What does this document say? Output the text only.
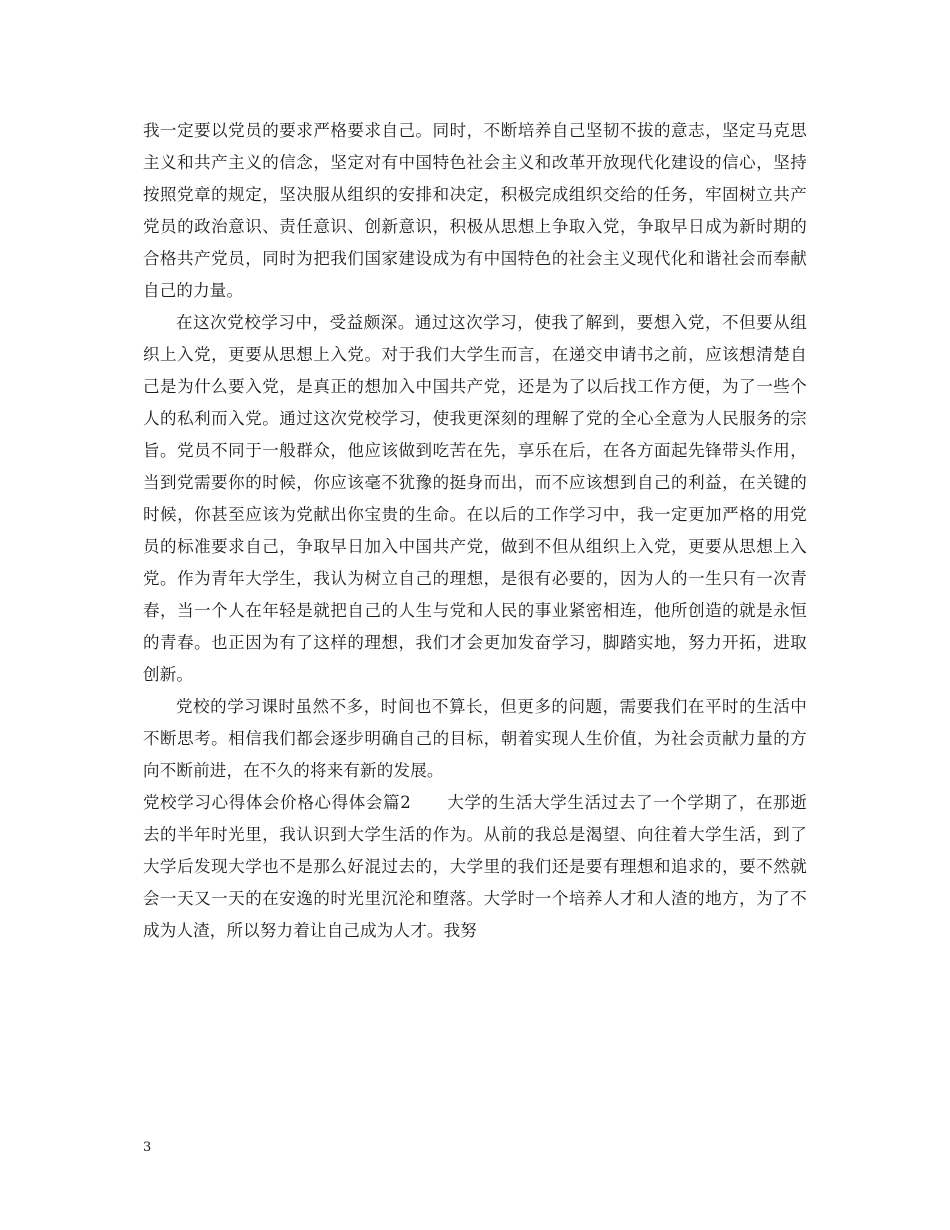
我一定要以党员的要求严格要求自己。同时，不断培养自己坚韧不拔的意志，坚定马克思主义和共产主义的信念，坚定对有中国特色社会主义和改革开放现代化建设的信心，坚持按照党章的规定，坚决服从组织的安排和决定，积极完成组织交给的任务，牢固树立共产党员的政治意识、责任意识、创新意识，积极从思想上争取入党，争取早日成为新时期的合格共产党员，同时为把我们国家建设成为有中国特色的社会主义现代化和谐社会而奉献自己的力量。

在这次党校学习中，受益颇深。通过这次学习，使我了解到，要想入党，不但要从组织上入党，更要从思想上入党。对于我们大学生而言，在递交申请书之前，应该想清楚自己是为什么要入党，是真正的想加入中国共产党，还是为了以后找工作方便，为了一些个人的私利而入党。通过这次党校学习，使我更深刻的理解了党的全心全意为人民服务的宗旨。党员不同于一般群众，他应该做到吃苦在先，享乐在后，在各方面起先锋带头作用，当到党需要你的时候，你应该毫不犹豫的挺身而出，而不应该想到自己的利益，在关键的时候，你甚至应该为党献出你宝贵的生命。在以后的工作学习中，我一定更加严格的用党员的标准要求自己，争取早日加入中国共产党，做到不但从组织上入党，更要从思想上入党。作为青年大学生，我认为树立自己的理想，是很有必要的，因为人的一生只有一次青春，当一个人在年轻是就把自己的人生与党和人民的事业紧密相连，他所创造的就是永恒的青春。也正因为有了这样的理想，我们才会更加发奋学习，脚踏实地，努力开拓，进取创新。

党校的学习课时虽然不多，时间也不算长，但更多的问题，需要我们在平时的生活中不断思考。相信我们都会逐步明确自己的目标，朝着实现人生价值，为社会贡献力量的方向不断前进，在不久的将来有新的发展。

党校学习心得体会价格心得体会篇2 大学的生活大学生活过去了一个学期了，在那逝去的半年时光里，我认识到大学生活的作为。从前的我总是渴望、向往着大学生活，到了大学后发现大学也不是那么好混过去的，大学里的我们还是要有理想和追求的，要不然就会一天又一天的在安逸的时光里沉沦和堕落。大学时一个培养人才和人渣的地方，为了不成为人渣，所以努力着让自己成为人才。我努

3
